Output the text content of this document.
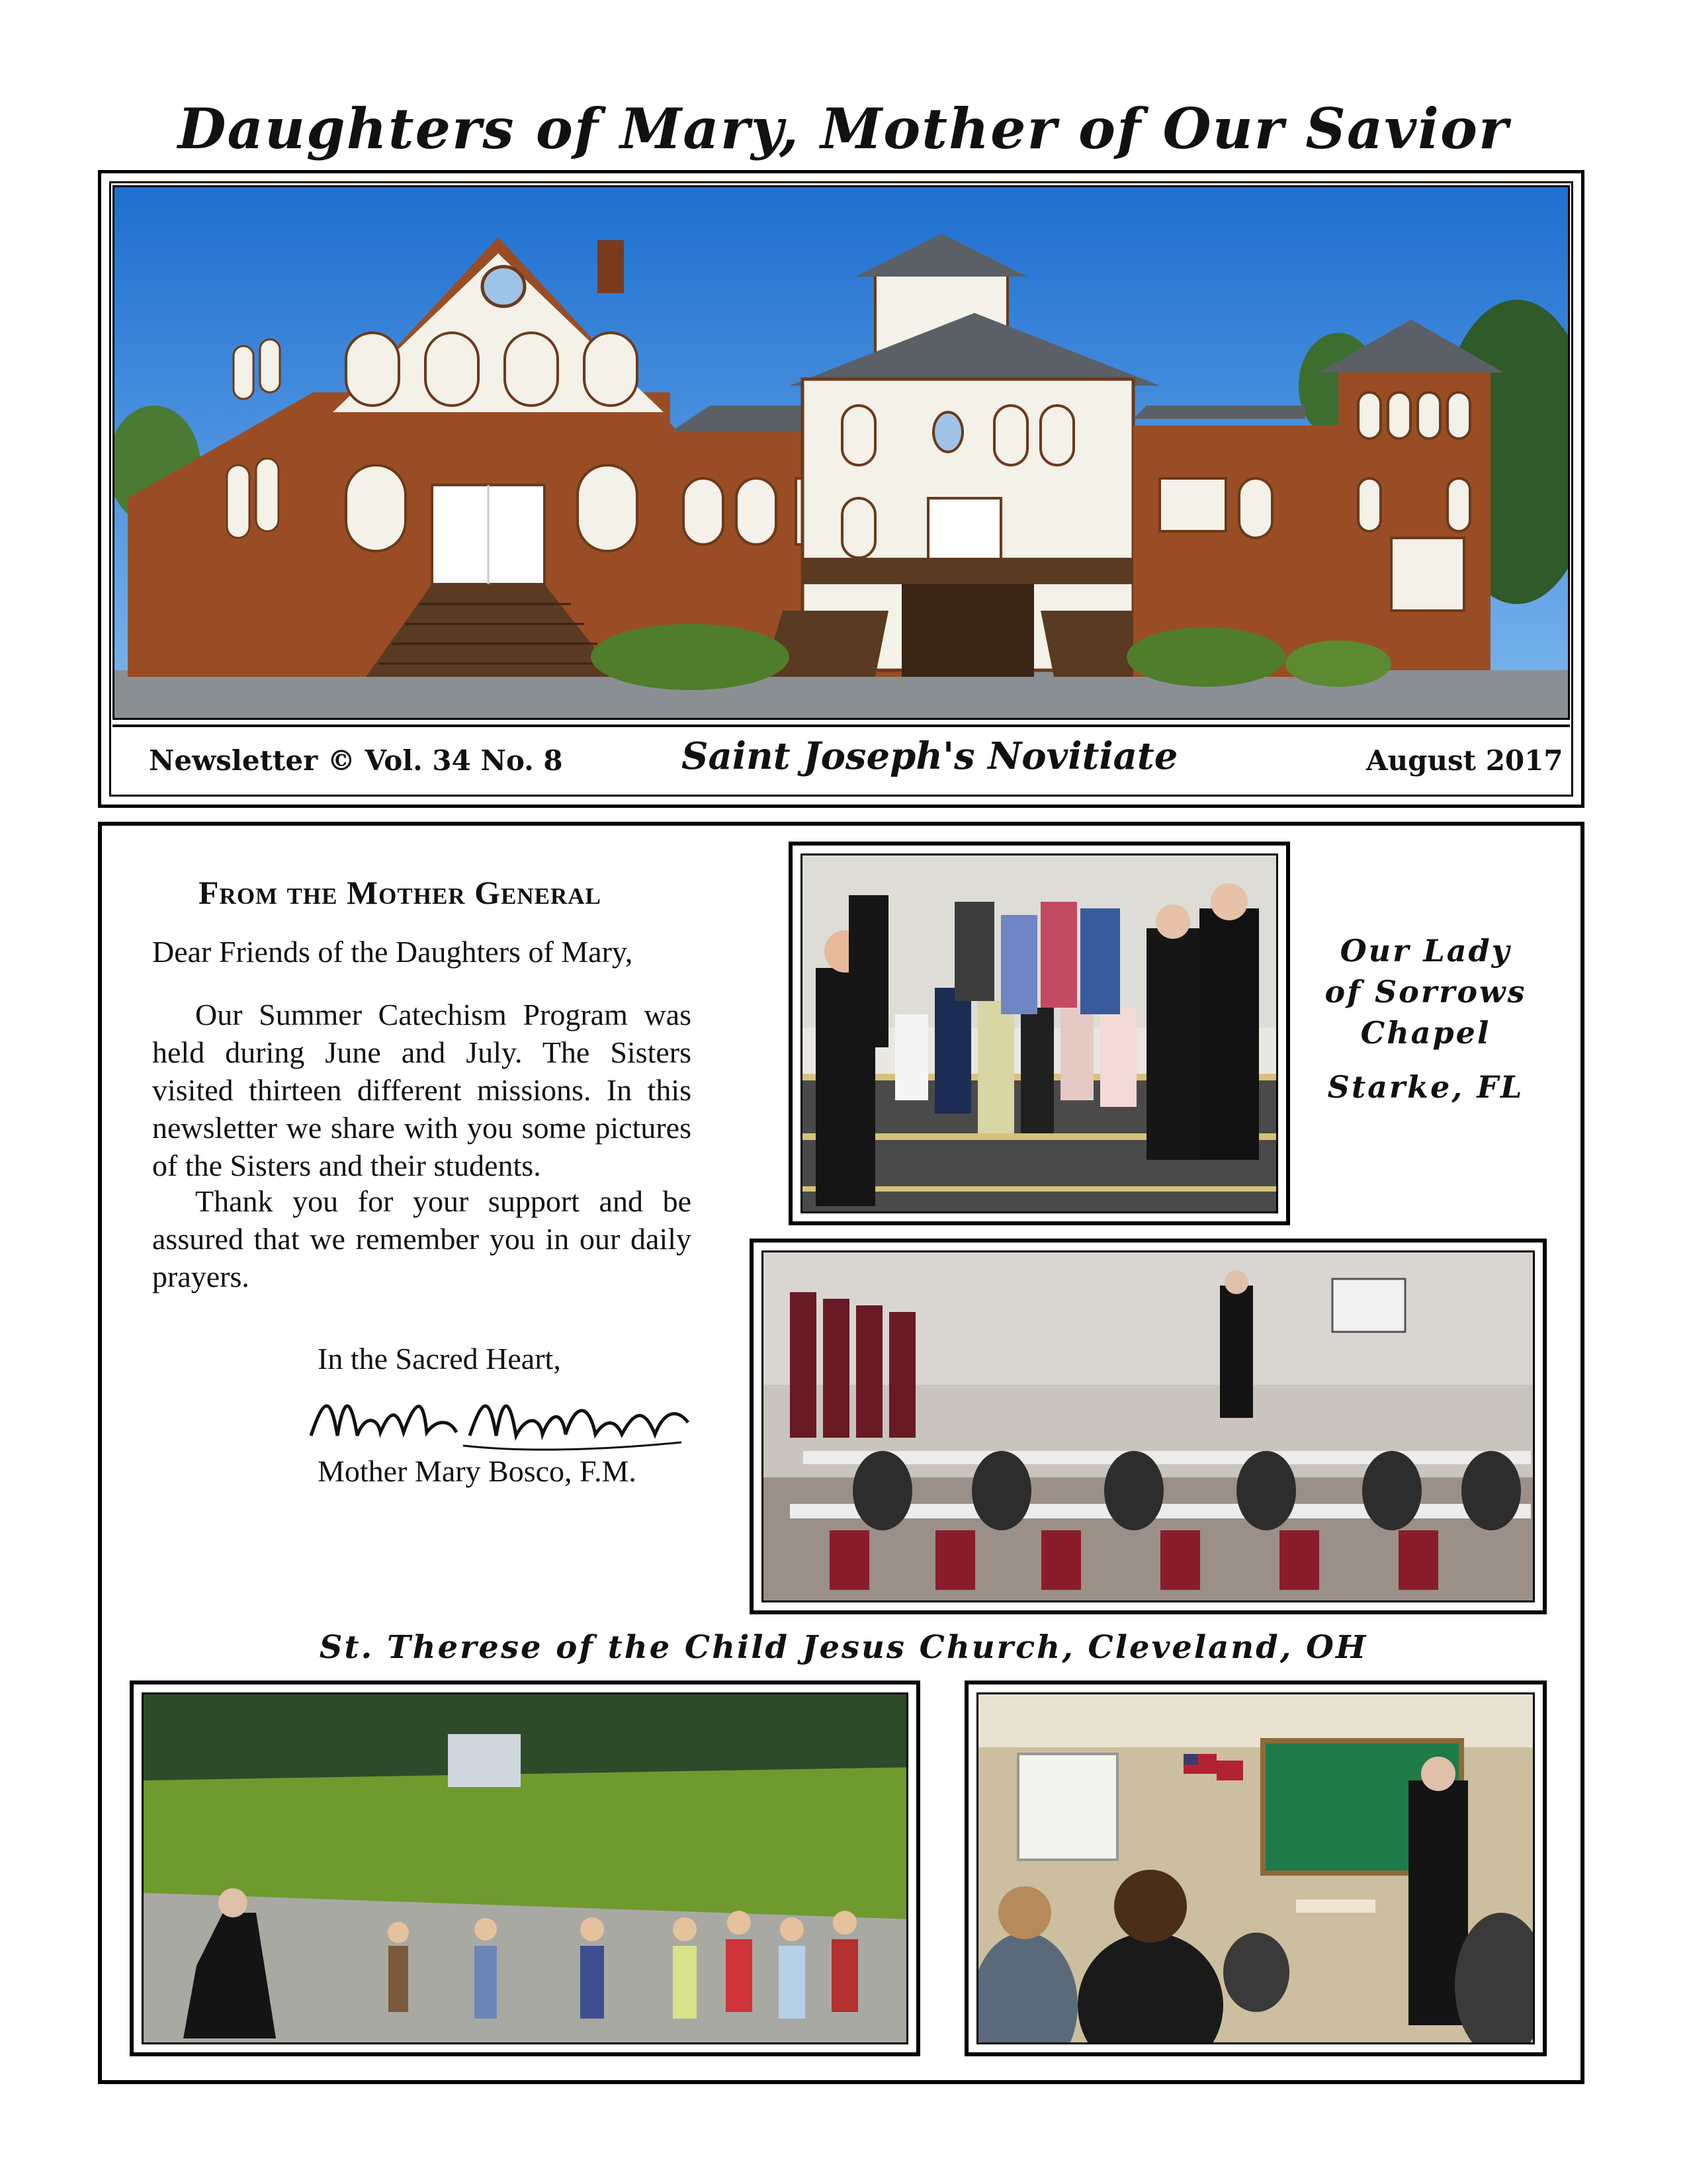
Daughters of Mary, Mother of Our Savior
Newsletter © Vol. 34 No. 8	Saint Joseph's Novitiate	August 2017
From the Mother General
Dear Friends of the Daughters of Mary,
Our Summer Catechism Program was held during June and July. The Sisters visited thirteen different missions. In this newsletter we share with you some pictures of the Sisters and their students.
Thank you for your support and be assured that we remember you in our daily prayers.
In the Sacred Heart,
Mother Mary Bosco, F.M.
Our Lady
of Sorrows
Chapel
Starke, FL
St. Therese of the Child Jesus Church, Cleveland, OH
